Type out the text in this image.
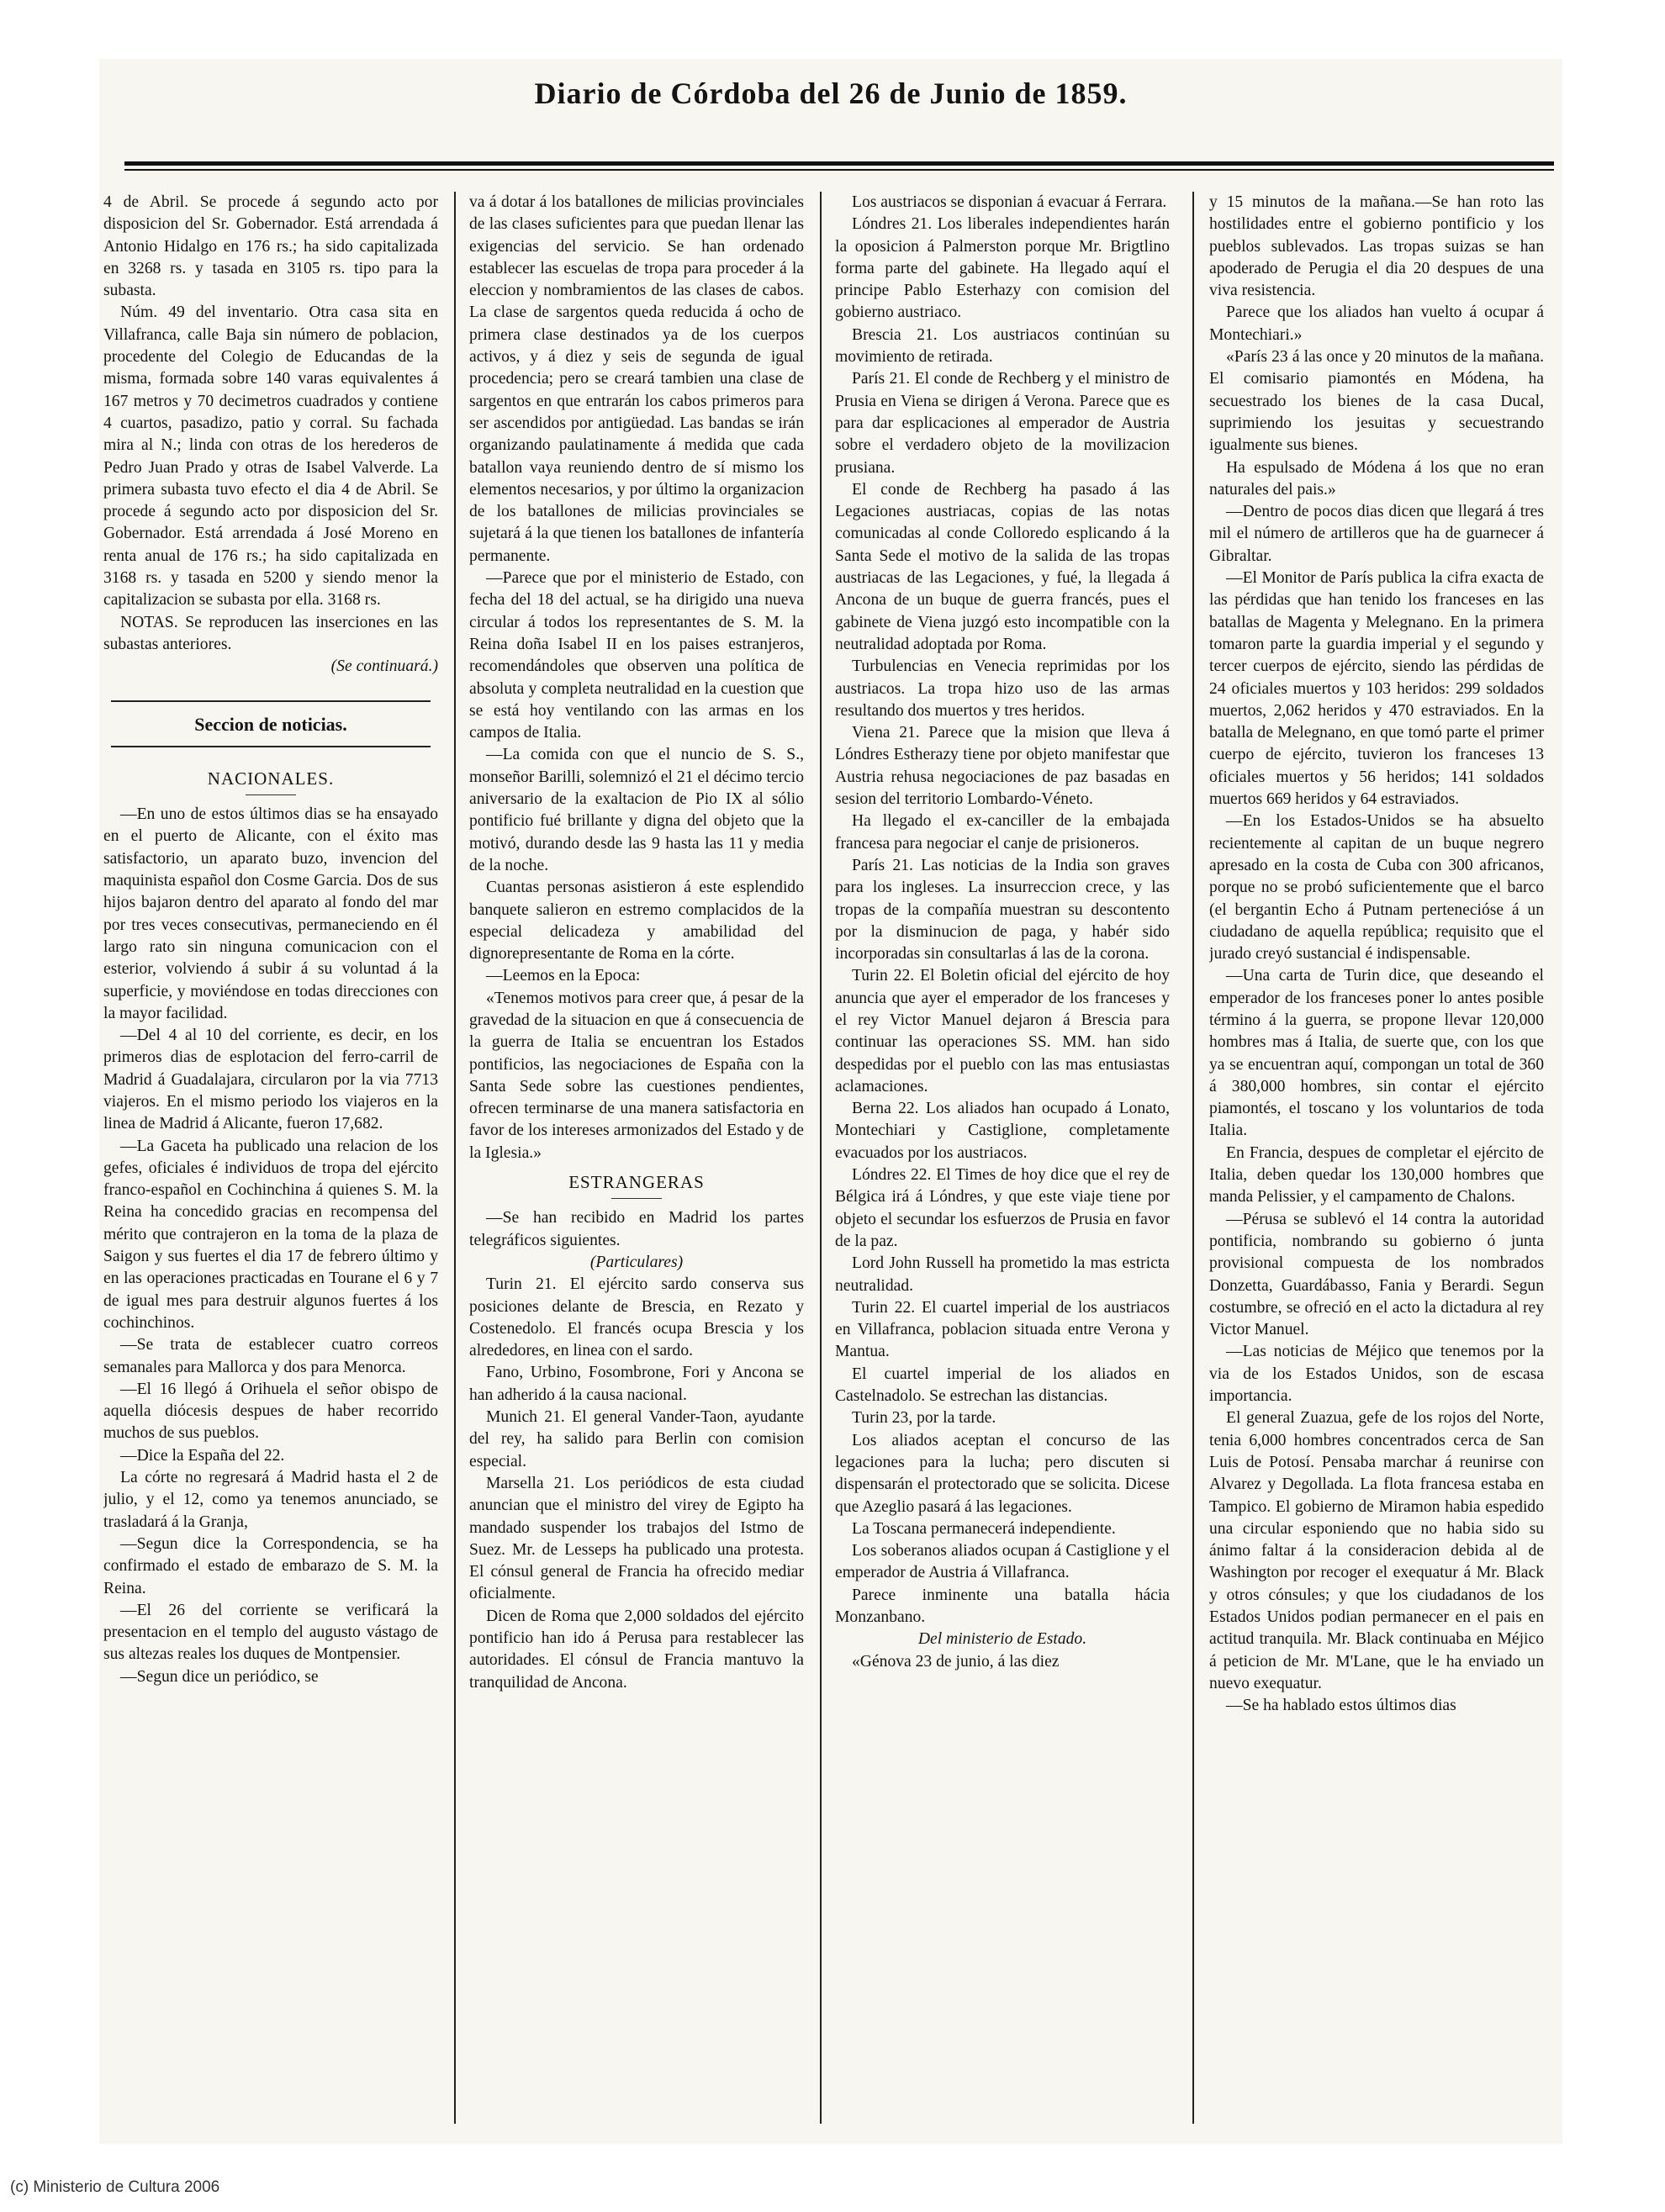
Diario de Córdoba del 26 de Junio de 1859.

4 de Abril. Se procede á segundo acto por disposicion del Sr. Gobernador. Está arrendada á Antonio Hidalgo en 176 rs.; ha sido capitalizada en 3268 rs. y tasada en 3105 rs. tipo para la subasta.

Núm. 49 del inventario. Otra casa sita en Villafranca, calle Baja sin número de poblacion, procedente del Colegio de Educandas de la misma, formada sobre 140 varas equivalentes á 167 metros y 70 decimetros cuadrados y contiene 4 cuartos, pasadizo, patio y corral. Su fachada mira al N.; linda con otras de los herederos de Pedro Juan Prado y otras de Isabel Valverde. La primera subasta tuvo efecto el dia 4 de Abril. Se procede á segundo acto por disposicion del Sr. Gobernador. Está arrendada á José Moreno en renta anual de 176 rs.; ha sido capitalizada en 3168 rs. y tasada en 5200 y siendo menor la capitalizacion se subasta por ella. 3168 rs.

NOTAS. Se reproducen las inserciones en las subastas anteriores.

(Se continuará.)

Seccion de noticias.
NACIONALES.

—En uno de estos últimos dias se ha ensayado en el puerto de Alicante, con el éxito mas satisfactorio, un aparato buzo, invencion del maquinista español don Cosme Garcia. Dos de sus hijos bajaron dentro del aparato al fondo del mar por tres veces consecutivas, permaneciendo en él largo rato sin ninguna comunicacion con el esterior, volviendo á subir á su voluntad á la superficie, y moviéndose en todas direcciones con la mayor facilidad.

—Del 4 al 10 del corriente, es decir, en los primeros dias de esplotacion del ferro-carril de Madrid á Guadalajara, circularon por la via 7713 viajeros. En el mismo periodo los viajeros en la linea de Madrid á Alicante, fueron 17,682.

—La Gaceta ha publicado una relacion de los gefes, oficiales é individuos de tropa del ejército franco-español en Cochinchina á quienes S. M. la Reina ha concedido gracias en recompensa del mérito que contrajeron en la toma de la plaza de Saigon y sus fuertes el dia 17 de febrero último y en las operaciones practicadas en Tourane el 6 y 7 de igual mes para destruir algunos fuertes á los cochinchinos.

—Se trata de establecer cuatro correos semanales para Mallorca y dos para Menorca.

—El 16 llegó á Orihuela el señor obispo de aquella diócesis despues de haber recorrido muchos de sus pueblos.

—Dice la España del 22.

La córte no regresará á Madrid hasta el 2 de julio, y el 12, como ya tenemos anunciado, se trasladará á la Granja,

—Segun dice la Correspondencia, se ha confirmado el estado de embarazo de S. M. la Reina.

—El 26 del corriente se verificará la presentacion en el templo del augusto vástago de sus altezas reales los duques de Montpensier.

—Segun dice un periódico, se

va á dotar á los batallones de milicias provinciales de las clases suficientes para que puedan llenar las exigencias del servicio. Se han ordenado establecer las escuelas de tropa para proceder á la eleccion y nombramientos de las clases de cabos. La clase de sargentos queda reducida á ocho de primera clase destinados ya de los cuerpos activos, y á diez y seis de segunda de igual procedencia; pero se creará tambien una clase de sargentos en que entrarán los cabos primeros para ser ascendidos por antigüedad. Las bandas se irán organizando paulatinamente á medida que cada batallon vaya reuniendo dentro de sí mismo los elementos necesarios, y por último la organizacion de los batallones de milicias provinciales se sujetará á la que tienen los batallones de infantería permanente.

—Parece que por el ministerio de Estado, con fecha del 18 del actual, se ha dirigido una nueva circular á todos los representantes de S. M. la Reina doña Isabel II en los paises estranjeros, recomendándoles que observen una política de absoluta y completa neutralidad en la cuestion que se está hoy ventilando con las armas en los campos de Italia.

—La comida con que el nuncio de S. S., monseñor Barilli, solemnizó el 21 el décimo tercio aniversario de la exaltacion de Pio IX al sólio pontificio fué brillante y digna del objeto que la motivó, durando desde las 9 hasta las 11 y media de la noche.

Cuantas personas asistieron á este esplendido banquete salieron en estremo complacidos de la especial delicadeza y amabilidad del dignorepresentante de Roma en la córte.

—Leemos en la Epoca:

«Tenemos motivos para creer que, á pesar de la gravedad de la situacion en que á consecuencia de la guerra de Italia se encuentran los Estados pontificios, las negociaciones de España con la Santa Sede sobre las cuestiones pendientes, ofrecen terminarse de una manera satisfactoria en favor de los intereses armonizados del Estado y de la Iglesia.»

ESTRANGERAS

—Se han recibido en Madrid los partes telegráficos siguientes.

(Particulares)

Turin 21. El ejército sardo conserva sus posiciones delante de Brescia, en Rezato y Costenedolo. El francés ocupa Brescia y los alrededores, en linea con el sardo.

Fano, Urbino, Fosombrone, Fori y Ancona se han adherido á la causa nacional.

Munich 21. El general Vander-Taon, ayudante del rey, ha salido para Berlin con comision especial.

Marsella 21. Los periódicos de esta ciudad anuncian que el ministro del virey de Egipto ha mandado suspender los trabajos del Istmo de Suez. Mr. de Lesseps ha publicado una protesta. El cónsul general de Francia ha ofrecido mediar oficialmente.

Dicen de Roma que 2,000 soldados del ejército pontificio han ido á Perusa para restablecer las autoridades. El cónsul de Francia mantuvo la tranquilidad de Ancona.

Los austriacos se disponian á evacuar á Ferrara.

Lóndres 21. Los liberales independientes harán la oposicion á Palmerston porque Mr. Brigtlino forma parte del gabinete. Ha llegado aquí el principe Pablo Esterhazy con comision del gobierno austriaco.

Brescia 21. Los austriacos continúan su movimiento de retirada.

París 21. El conde de Rechberg y el ministro de Prusia en Viena se dirigen á Verona. Parece que es para dar esplicaciones al emperador de Austria sobre el verdadero objeto de la movilizacion prusiana.

El conde de Rechberg ha pasado á las Legaciones austriacas, copias de las notas comunicadas al conde Colloredo esplicando á la Santa Sede el motivo de la salida de las tropas austriacas de las Legaciones, y fué, la llegada á Ancona de un buque de guerra francés, pues el gabinete de Viena juzgó esto incompatible con la neutralidad adoptada por Roma.

Turbulencias en Venecia reprimidas por los austriacos. La tropa hizo uso de las armas resultando dos muertos y tres heridos.

Viena 21. Parece que la mision que lleva á Lóndres Estherazy tiene por objeto manifestar que Austria rehusa negociaciones de paz basadas en sesion del territorio Lombardo-Véneto.

Ha llegado el ex-canciller de la embajada francesa para negociar el canje de prisioneros.

París 21. Las noticias de la India son graves para los ingleses. La insurreccion crece, y las tropas de la compañía muestran su descontento por la disminucion de paga, y habér sido incorporadas sin consultarlas á las de la corona.

Turin 22. El Boletin oficial del ejército de hoy anuncia que ayer el emperador de los franceses y el rey Victor Manuel dejaron á Brescia para continuar las operaciones SS. MM. han sido despedidas por el pueblo con las mas entusiastas aclamaciones.

Berna 22. Los aliados han ocupado á Lonato, Montechiari y Castiglione, completamente evacuados por los austriacos.

Lóndres 22. El Times de hoy dice que el rey de Bélgica irá á Lóndres, y que este viaje tiene por objeto el secundar los esfuerzos de Prusia en favor de la paz.

Lord John Russell ha prometido la mas estricta neutralidad.

Turin 22. El cuartel imperial de los austriacos en Villafranca, poblacion situada entre Verona y Mantua.

El cuartel imperial de los aliados en Castelnadolo. Se estrechan las distancias.

Turin 23, por la tarde.

Los aliados aceptan el concurso de las legaciones para la lucha; pero discuten si dispensarán el protectorado que se solicita. Dicese que Azeglio pasará á las legaciones.

La Toscana permanecerá independiente.

Los soberanos aliados ocupan á Castiglione y el emperador de Austria á Villafranca.

Parece inminente una batalla hácia Monzanbano.

Del ministerio de Estado.

«Génova 23 de junio, á las diez

y 15 minutos de la mañana.—Se han roto las hostilidades entre el gobierno pontificio y los pueblos sublevados. Las tropas suizas se han apoderado de Perugia el dia 20 despues de una viva resistencia.

Parece que los aliados han vuelto á ocupar á Montechiari.»

«París 23 á las once y 20 minutos de la mañana. El comisario piamontés en Módena, ha secuestrado los bienes de la casa Ducal, suprimiendo los jesuitas y secuestrando igualmente sus bienes.

Ha espulsado de Módena á los que no eran naturales del pais.»

—Dentro de pocos dias dicen que llegará á tres mil el número de artilleros que ha de guarnecer á Gibraltar.

—El Monitor de París publica la cifra exacta de las pérdidas que han tenido los franceses en las batallas de Magenta y Melegnano. En la primera tomaron parte la guardia imperial y el segundo y tercer cuerpos de ejército, siendo las pérdidas de 24 oficiales muertos y 103 heridos: 299 soldados muertos, 2,062 heridos y 470 estraviados. En la batalla de Melegnano, en que tomó parte el primer cuerpo de ejército, tuvieron los franceses 13 oficiales muertos y 56 heridos; 141 soldados muertos 669 heridos y 64 estraviados.

—En los Estados-Unidos se ha absuelto recientemente al capitan de un buque negrero apresado en la costa de Cuba con 300 africanos, porque no se probó suficientemente que el barco (el bergantin Echo á Putnam pertenecióse á un ciudadano de aquella república; requisito que el jurado creyó sustancial é indispensable.

—Una carta de Turin dice, que deseando el emperador de los franceses poner lo antes posible término á la guerra, se propone llevar 120,000 hombres mas á Italia, de suerte que, con los que ya se encuentran aquí, compongan un total de 360 á 380,000 hombres, sin contar el ejército piamontés, el toscano y los voluntarios de toda Italia.

En Francia, despues de completar el ejército de Italia, deben quedar los 130,000 hombres que manda Pelissier, y el campamento de Chalons.

—Pérusa se sublevó el 14 contra la autoridad pontificia, nombrando su gobierno ó junta provisional compuesta de los nombrados Donzetta, Guardábasso, Fania y Berardi. Segun costumbre, se ofreció en el acto la dictadura al rey Victor Manuel.

—Las noticias de Méjico que tenemos por la via de los Estados Unidos, son de escasa importancia.

El general Zuazua, gefe de los rojos del Norte, tenia 6,000 hombres concentrados cerca de San Luis de Potosí. Pensaba marchar á reunirse con Alvarez y Degollada. La flota francesa estaba en Tampico. El gobierno de Miramon habia espedido una circular esponiendo que no habia sido su ánimo faltar á la consideracion debida al de Washington por recoger el exequatur á Mr. Black y otros cónsules; y que los ciudadanos de los Estados Unidos podian permanecer en el pais en actitud tranquila. Mr. Black continuaba en Méjico á peticion de Mr. M'Lane, que le ha enviado un nuevo exequatur.

—Se ha hablado estos últimos dias

(c) Ministerio de Cultura 2006
